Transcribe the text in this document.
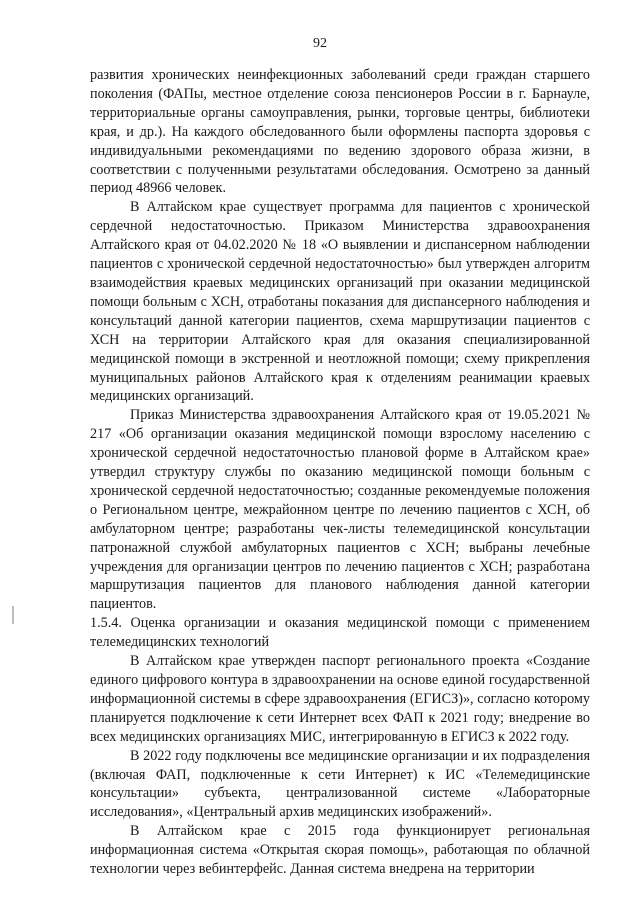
92

развития хронических неинфекционных заболеваний среди граждан старшего поколения (ФАПы, местное отделение союза пенсионеров России в г. Барнауле, территориальные органы самоуправления, рынки, торговые центры, библиотеки края, и др.). На каждого обследованного были оформлены паспорта здоровья с индивидуальными рекомендациями по ведению здорового образа жизни, в соответствии с полученными результатами обследования. Осмотрено за данный период 48966 человек.

В Алтайском крае существует программа для пациентов с хронической сердечной недостаточностью. Приказом Министерства здравоохранения Алтайского края от 04.02.2020 № 18 «О выявлении и диспансерном наблюдении пациентов с хронической сердечной недостаточностью» был утвержден алгоритм взаимодействия краевых медицинских организаций при оказании медицинской помощи больным с ХСН, отработаны показания для диспансерного наблюдения и консультаций данной категории пациентов, схема маршрутизации пациентов с ХСН на территории Алтайского края для оказания специализированной медицинской помощи в экстренной и неотложной помощи; схему прикрепления муниципальных районов Алтайского края к отделениям реанимации краевых медицинских организаций.

Приказ Министерства здравоохранения Алтайского края от 19.05.2021 № 217 «Об организации оказания медицинской помощи взрослому населению с хронической сердечной недостаточностью плановой форме в Алтайском крае» утвердил структуру службы по оказанию медицинской помощи больным с хронической сердечной недостаточностью; созданные рекомендуемые положения о Региональном центре, межрайонном центре по лечению пациентов с ХСН, об амбулаторном центре; разработаны чек-листы телемедицинской консультации патронажной службой амбулаторных пациентов с ХСН; выбраны лечебные учреждения для организации центров по лечению пациентов с ХСН; разработана маршрутизация пациентов для планового наблюдения данной категории пациентов.

1.5.4. Оценка организации и оказания медицинской помощи с применением телемедицинских технологий

В Алтайском крае утвержден паспорт регионального проекта «Создание единого цифрового контура в здравоохранении на основе единой государственной информационной системы в сфере здравоохранения (ЕГИСЗ)», согласно которому планируется подключение к сети Интернет всех ФАП к 2021 году; внедрение во всех медицинских организациях МИС, интегрированную в ЕГИСЗ к 2022 году.

В 2022 году подключены все медицинские организации и их подразделения (включая ФАП, подключенные к сети Интернет) к ИС «Телемедицинские консультации» субъекта, централизованной системе «Лабораторные исследования», «Центральный архив медицинских изображений».

В Алтайском крае с 2015 года функционирует региональная информационная система «Открытая скорая помощь», работающая по облачной технологии через вебинтерфейс. Данная система внедрена на территории
